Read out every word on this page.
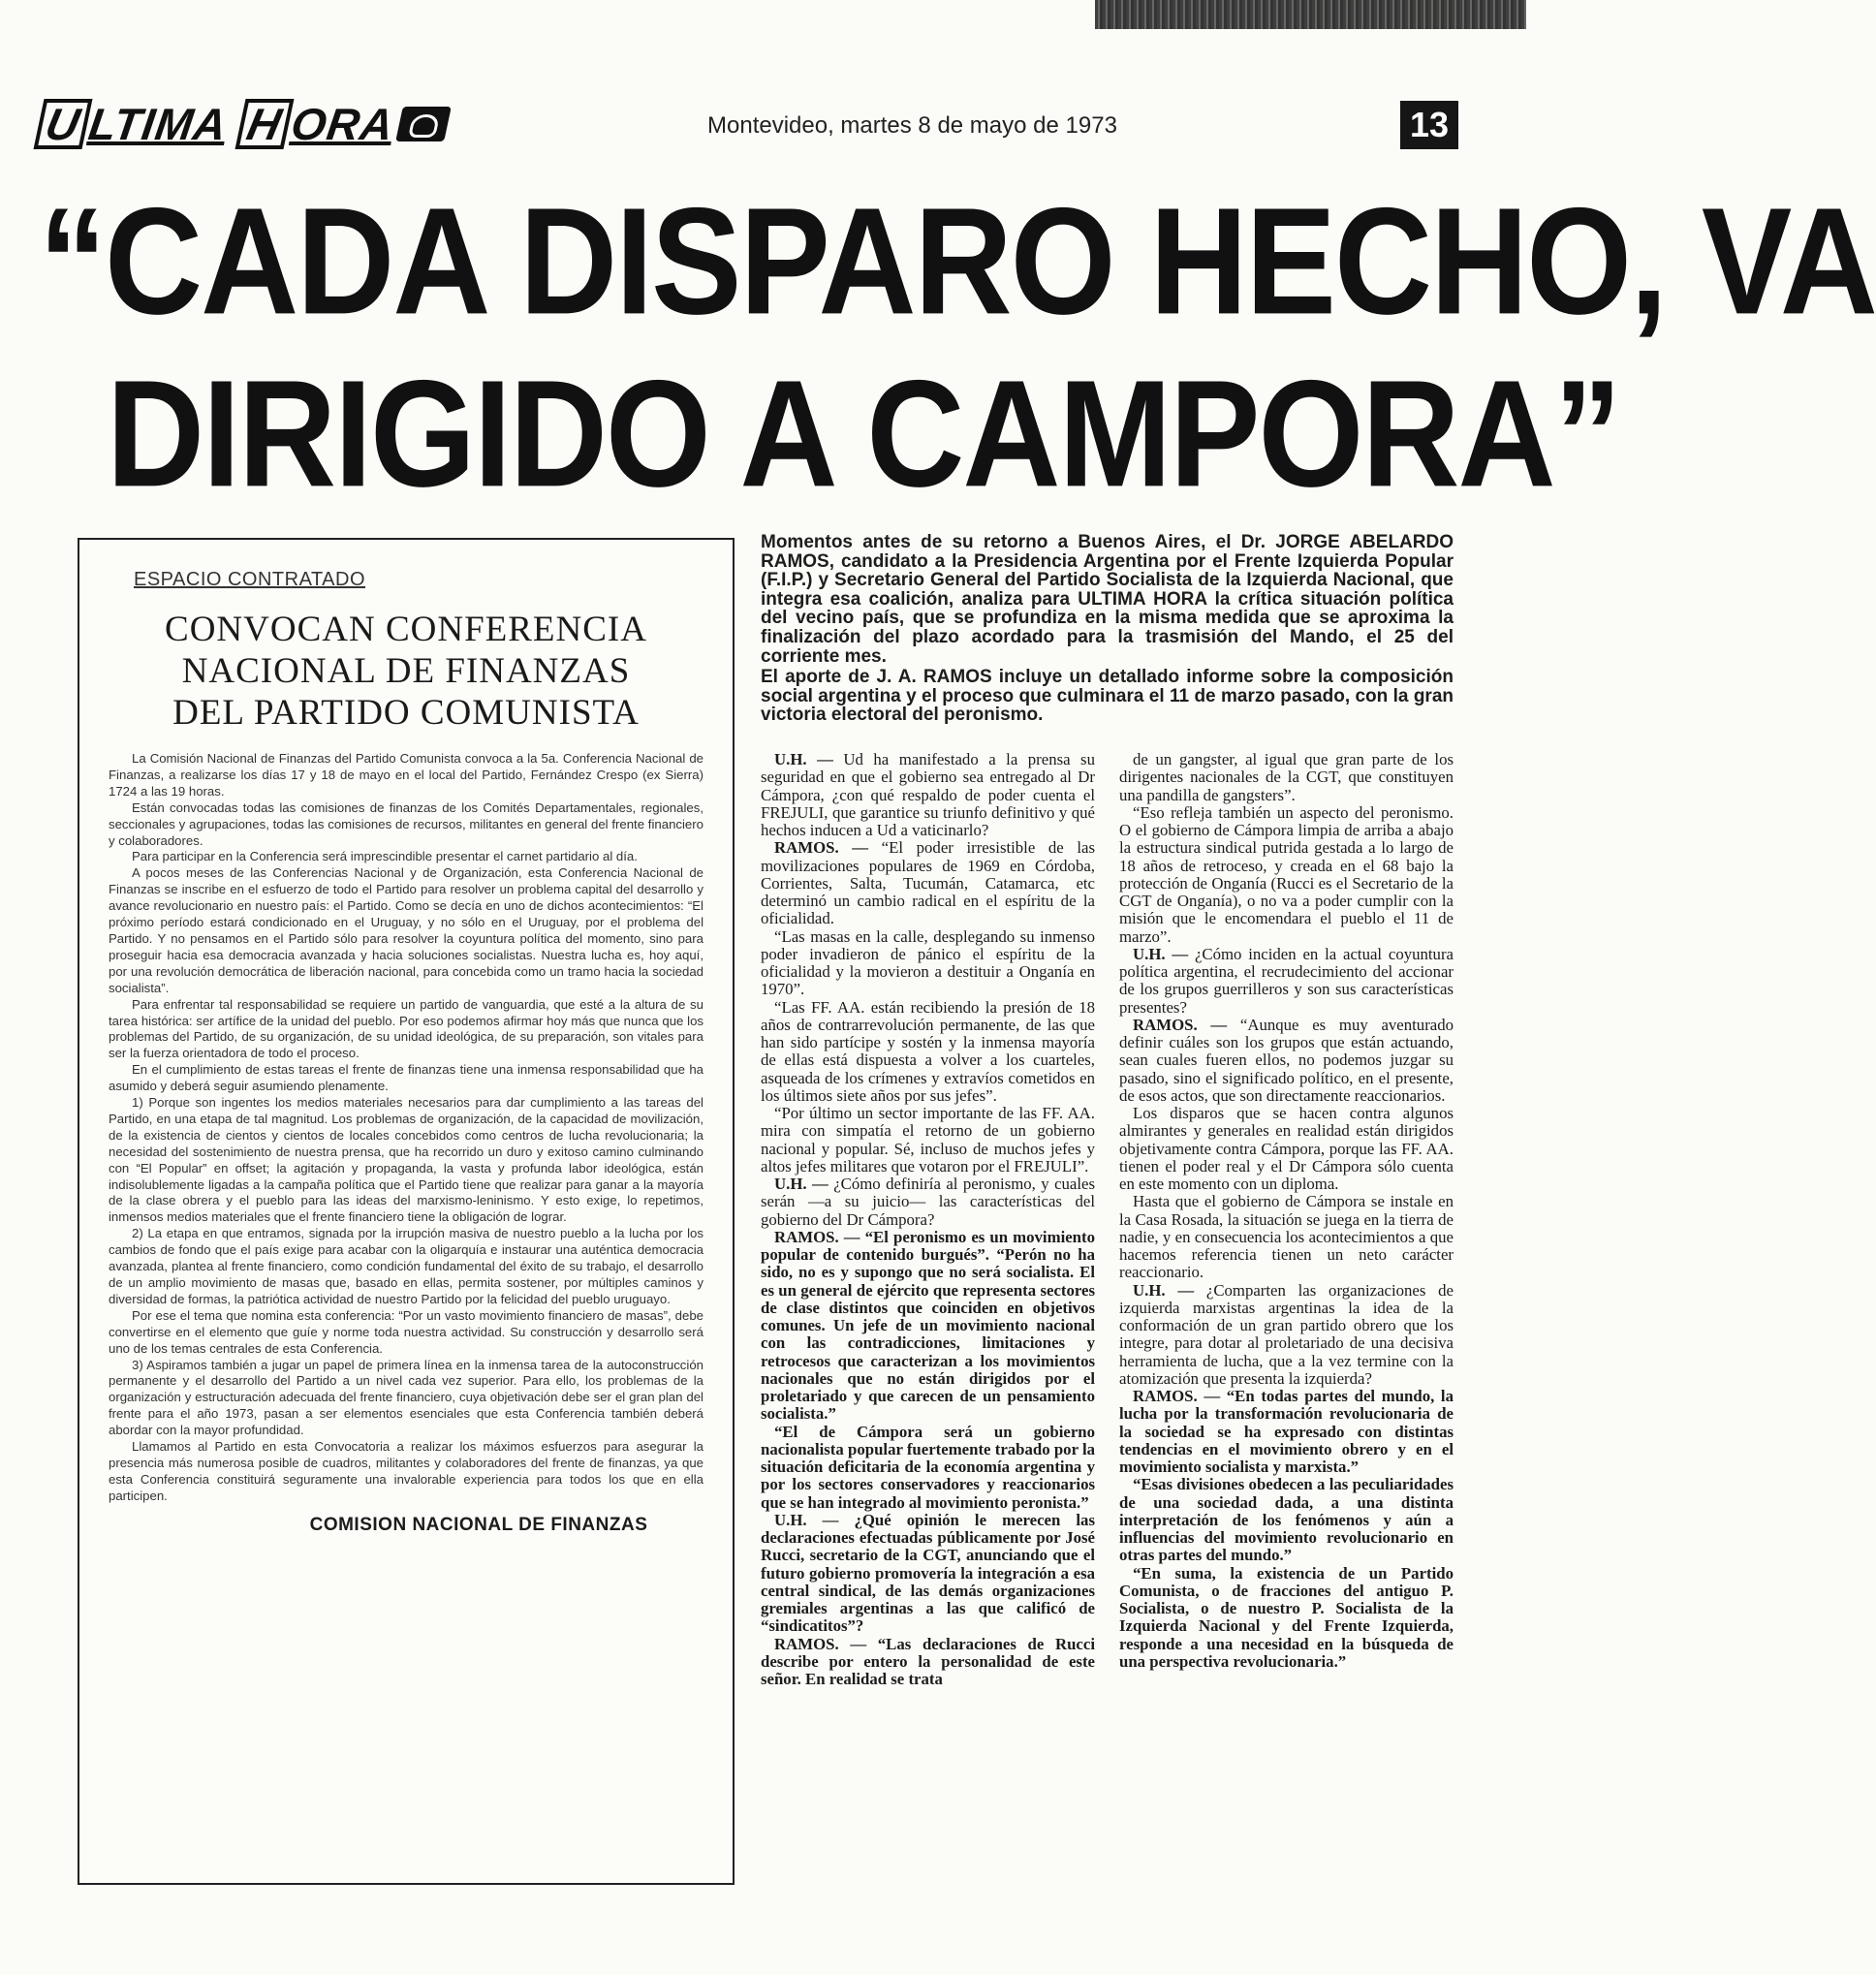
U LTIMA H ORA	Montevideo, martes 8 de mayo de 1973	13
“CADA DISPARO HECHO, VA
DIRIGIDO A CAMPORA”
ESPACIO CONTRATADO
CONVOCAN CONFERENCIA
NACIONAL DE FINANZAS
DEL PARTIDO COMUNISTA

La Comisión Nacional de Finanzas del Partido Comunista convoca a la 5a. Conferencia Nacional de Finanzas, a realizarse los días 17 y 18 de mayo en el local del Partido, Fernández Crespo (ex Sierra) 1724 a las 19 horas.

Están convocadas todas las comisiones de finanzas de los Comités Departamentales, regionales, seccionales y agrupaciones, todas las comisiones de recursos, militantes en general del frente financiero y colaboradores.

Para participar en la Conferencia será imprescindible presentar el carnet partidario al día.

A pocos meses de las Conferencias Nacional y de Organización, esta Conferencia Nacional de Finanzas se inscribe en el esfuerzo de todo el Partido para resolver un problema capital del desarrollo y avance revolucionario en nuestro país: el Partido. Como se decía en uno de dichos acontecimientos: “El próximo período estará condicionado en el Uruguay, y no sólo en el Uruguay, por el problema del Partido. Y no pensamos en el Partido sólo para resolver la coyuntura política del momento, sino para proseguir hacia esa democracia avanzada y hacia soluciones socialistas. Nuestra lucha es, hoy aquí, por una revolución democrática de liberación nacional, para concebida como un tramo hacia la sociedad socialista”.

Para enfrentar tal responsabilidad se requiere un partido de vanguardia, que esté a la altura de su tarea histórica: ser artífice de la unidad del pueblo. Por eso podemos afirmar hoy más que nunca que los problemas del Partido, de su organización, de su unidad ideológica, de su preparación, son vitales para ser la fuerza orientadora de todo el proceso.

En el cumplimiento de estas tareas el frente de finanzas tiene una inmensa responsabilidad que ha asumido y deberá seguir asumiendo plenamente.

1) Porque son ingentes los medios materiales necesarios para dar cumplimiento a las tareas del Partido, en una etapa de tal magnitud. Los problemas de organización, de la capacidad de movilización, de la existencia de cientos y cientos de locales concebidos como centros de lucha revolucionaria; la necesidad del sostenimiento de nuestra prensa, que ha recorrido un duro y exitoso camino culminando con “El Popular” en offset; la agitación y propaganda, la vasta y profunda labor ideológica, están indisolublemente ligadas a la campaña política que el Partido tiene que realizar para ganar a la mayoría de la clase obrera y el pueblo para las ideas del marxismo-leninismo. Y esto exige, lo repetimos, inmensos medios materiales que el frente financiero tiene la obligación de lograr.

2) La etapa en que entramos, signada por la irrupción masiva de nuestro pueblo a la lucha por los cambios de fondo que el país exige para acabar con la oligarquía e instaurar una auténtica democracia avanzada, plantea al frente financiero, como condición fundamental del éxito de su trabajo, el desarrollo de un amplio movimiento de masas que, basado en ellas, permita sostener, por múltiples caminos y diversidad de formas, la patriótica actividad de nuestro Partido por la felicidad del pueblo uruguayo.

Por ese el tema que nomina esta conferencia: “Por un vasto movimiento financiero de masas”, debe convertirse en el elemento que guíe y norme toda nuestra actividad. Su construcción y desarrollo será uno de los temas centrales de esta Conferencia.

3) Aspiramos también a jugar un papel de primera línea en la inmensa tarea de la autoconstrucción permanente y el desarrollo del Partido a un nivel cada vez superior. Para ello, los problemas de la organización y estructuración adecuada del frente financiero, cuya objetivación debe ser el gran plan del frente para el año 1973, pasan a ser elementos esenciales que esta Conferencia también deberá abordar con la mayor profundidad.

Llamamos al Partido en esta Convocatoria a realizar los máximos esfuerzos para asegurar la presencia más numerosa posible de cuadros, militantes y colaboradores del frente de finanzas, ya que esta Conferencia constituirá seguramente una invalorable experiencia para todos los que en ella participen.

COMISION NACIONAL DE FINANZAS

Momentos antes de su retorno a Buenos Aires, el Dr. JORGE ABELARDO RAMOS, candidato a la Presidencia Argentina por el Frente Izquierda Popular (F.I.P.) y Secretario General del Partido Socialista de la Izquierda Nacional, que integra esa coalición, analiza para ULTIMA HORA la crítica situación política del vecino país, que se profundiza en la misma medida que se aproxima la finalización del plazo acordado para la trasmisión del Mando, el 25 del corriente mes.

El aporte de J. A. RAMOS incluye un detallado informe sobre la composición social argentina y el proceso que culminara el 11 de marzo pasado, con la gran victoria electoral del peronismo.

U.H. — Ud ha manifestado a la prensa su seguridad en que el gobierno sea entregado al Dr Cámpora, ¿con qué respaldo de poder cuenta el FREJULI, que garantice su triunfo definitivo y qué hechos inducen a Ud a vaticinarlo?

RAMOS. — “El poder irresistible de las movilizaciones populares de 1969 en Córdoba, Corrientes, Salta, Tucumán, Catamarca, etc determinó un cambio radical en el espíritu de la oficialidad.

“Las masas en la calle, desplegando su inmenso poder invadieron de pánico el espíritu de la oficialidad y la movieron a destituir a Onganía en 1970”.

“Las FF. AA. están recibiendo la presión de 18 años de contrarrevolución permanente, de las que han sido partícipe y sostén y la inmensa mayoría de ellas está dispuesta a volver a los cuarteles, asqueada de los crímenes y extravíos cometidos en los últimos siete años por sus jefes”.

“Por último un sector importante de las FF. AA. mira con simpatía el retorno de un gobierno nacional y popular. Sé, incluso de muchos jefes y altos jefes militares que votaron por el FREJULI”.

U.H. — ¿Cómo definiría al peronismo, y cuales serán —a su juicio— las características del gobierno del Dr Cámpora?

RAMOS. — “El peronismo es un movimiento popular de contenido burgués”. “Perón no ha sido, no es y supongo que no será socialista. El es un general de ejército que representa sectores de clase distintos que coinciden en objetivos comunes. Un jefe de un movimiento nacional con las contradicciones, limitaciones y retrocesos que caracterizan a los movimientos nacionales que no están dirigidos por el proletariado y que carecen de un pensamiento socialista.”

“El de Cámpora será un gobierno nacionalista popular fuertemente trabado por la situación deficitaria de la economía argentina y por los sectores conservadores y reaccionarios que se han integrado al movimiento peronista.”

U.H. — ¿Qué opinión le merecen las declaraciones efectuadas públicamente por José Rucci, secretario de la CGT, anunciando que el futuro gobierno promovería la integración a esa central sindical, de las demás organizaciones gremiales argentinas a las que calificó de “sindicatitos”?

RAMOS. — “Las declaraciones de Rucci describe por entero la personalidad de este señor. En realidad se trata

de un gangster, al igual que gran parte de los dirigentes nacionales de la CGT, que constituyen una pandilla de gangsters”.

“Eso refleja también un aspecto del peronismo. O el gobierno de Cámpora limpia de arriba a abajo la estructura sindical putrida gestada a lo largo de 18 años de retroceso, y creada en el 68 bajo la protección de Onganía (Rucci es el Secretario de la CGT de Onganía), o no va a poder cumplir con la misión que le encomendara el pueblo el 11 de marzo”.

U.H. — ¿Cómo inciden en la actual coyuntura política argentina, el recrudecimiento del accionar de los grupos guerrilleros y son sus características presentes?

RAMOS. — “Aunque es muy aventurado definir cuáles son los grupos que están actuando, sean cuales fueren ellos, no podemos juzgar su pasado, sino el significado político, en el presente, de esos actos, que son directamente reaccionarios.

Los disparos que se hacen contra algunos almirantes y generales en realidad están dirigidos objetivamente contra Cámpora, porque las FF. AA. tienen el poder real y el Dr Cámpora sólo cuenta en este momento con un diploma.

Hasta que el gobierno de Cámpora se instale en la Casa Rosada, la situación se juega en la tierra de nadie, y en consecuencia los acontecimientos a que hacemos referencia tienen un neto carácter reaccionario.

U.H. — ¿Comparten las organizaciones de izquierda marxistas argentinas la idea de la conformación de un gran partido obrero que los integre, para dotar al proletariado de una decisiva herramienta de lucha, que a la vez termine con la atomización que presenta la izquierda?

RAMOS. — “En todas partes del mundo, la lucha por la transformación revolucionaria de la sociedad se ha expresado con distintas tendencias en el movimiento obrero y en el movimiento socialista y marxista.”

“Esas divisiones obedecen a las peculiaridades de una sociedad dada, a una distinta interpretación de los fenómenos y aún a influencias del movimiento revolucionario en otras partes del mundo.”

“En suma, la existencia de un Partido Comunista, o de fracciones del antiguo P. Socialista, o de nuestro P. Socialista de la Izquierda Nacional y del Frente Izquierda, responde a una necesidad en la búsqueda de una perspectiva revolucionaria.”
